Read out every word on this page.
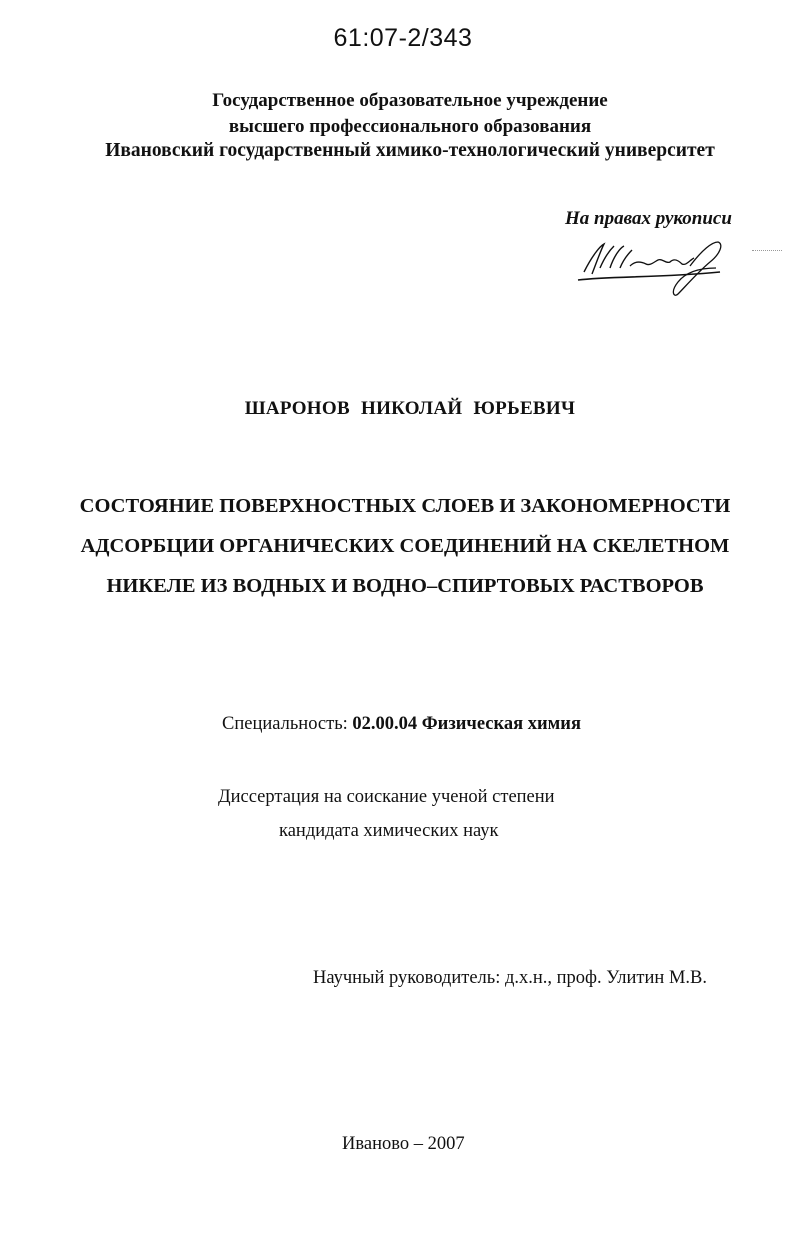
61:07-2/343
Государственное образовательное учреждение
высшего профессионального образования
Ивановский государственный химико-технологический университет
На правах рукописи
ШАРОНОВ НИКОЛАЙ ЮРЬЕВИЧ
СОСТОЯНИЕ ПОВЕРХНОСТНЫХ СЛОЕВ И ЗАКОНОМЕРНОСТИ
АДСОРБЦИИ ОРГАНИЧЕСКИХ СОЕДИНЕНИЙ НА СКЕЛЕТНОМ
НИКЕЛЕ ИЗ ВОДНЫХ И ВОДНО–СПИРТОВЫХ РАСТВОРОВ
Специальность: 02.00.04 Физическая химия
Диссертация на соискание ученой степени
кандидата химических наук
Научный руководитель: д.х.н., проф. Улитин М.В.
Иваново – 2007
